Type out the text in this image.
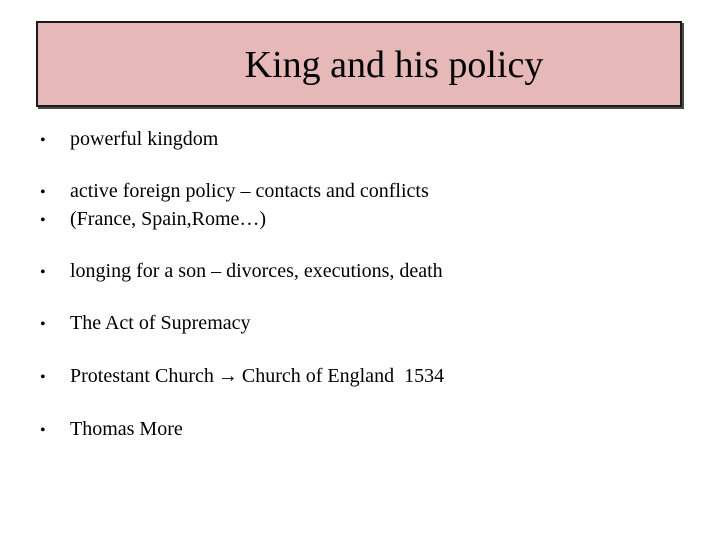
King and his policy
•	powerful kingdom
•	active foreign policy – contacts and conflicts
•	(France, Spain,Rome…)
•	longing for a son – divorces, executions, death
•	The Act of Supremacy
•	Protestant Church → Church of England  1534
•	Thomas More
